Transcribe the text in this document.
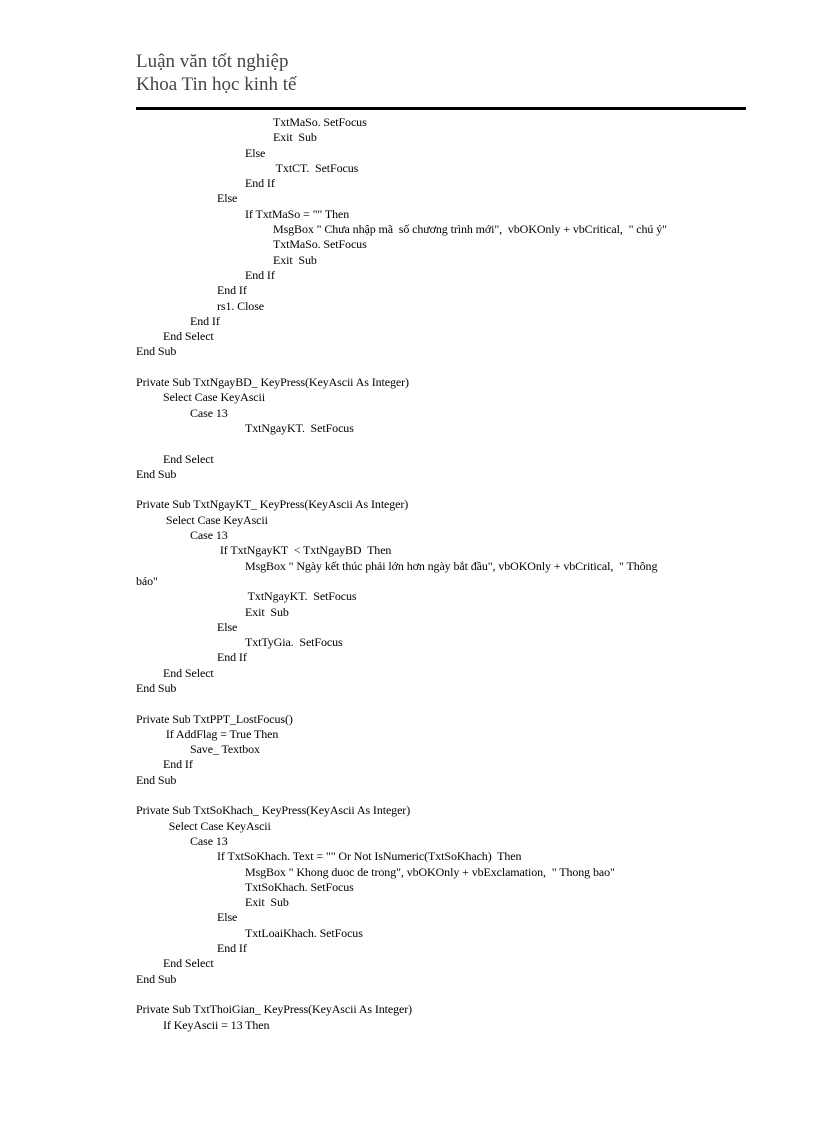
Luận văn tốt nghiệp
Khoa Tin học kinh tế
TxtMaSo. SetFocus
Exit  Sub
Else
TxtCT.  SetFocus
End If
Else
If TxtMaSo = "" Then
MsgBox " Chưa nhập mã  số chương trình mới",  vbOKOnly + vbCritical,  " chú ý"
TxtMaSo. SetFocus
Exit  Sub
End If
End If
rs1. Close
End If
End Select
End Sub
Private Sub TxtNgayBD_ KeyPress(KeyAscii As Integer)
Select Case KeyAscii
Case 13
TxtNgayKT.  SetFocus
End Select
End Sub
Private Sub TxtNgayKT_ KeyPress(KeyAscii As Integer)
Select Case KeyAscii
Case 13
If TxtNgayKT  < TxtNgayBD  Then
MsgBox " Ngày kết thúc phải lớn hơn ngày bắt đầu", vbOKOnly + vbCritical,  " Thông
báo"
TxtNgayKT.  SetFocus
Exit  Sub
Else
TxtTyGia.  SetFocus
End If
End Select
End Sub
Private Sub TxtPPT_LostFocus()
If AddFlag = True Then
Save_ Textbox
End If
End Sub
Private Sub TxtSoKhach_ KeyPress(KeyAscii As Integer)
Select Case KeyAscii
Case 13
If TxtSoKhach. Text = "" Or Not IsNumeric(TxtSoKhach)  Then
MsgBox " Khong duoc de trong", vbOKOnly + vbExclamation,  " Thong bao"
TxtSoKhach. SetFocus
Exit  Sub
Else
TxtLoaiKhach. SetFocus
End If
End Select
End Sub
Private Sub TxtThoiGian_ KeyPress(KeyAscii As Integer)
If KeyAscii = 13 Then
